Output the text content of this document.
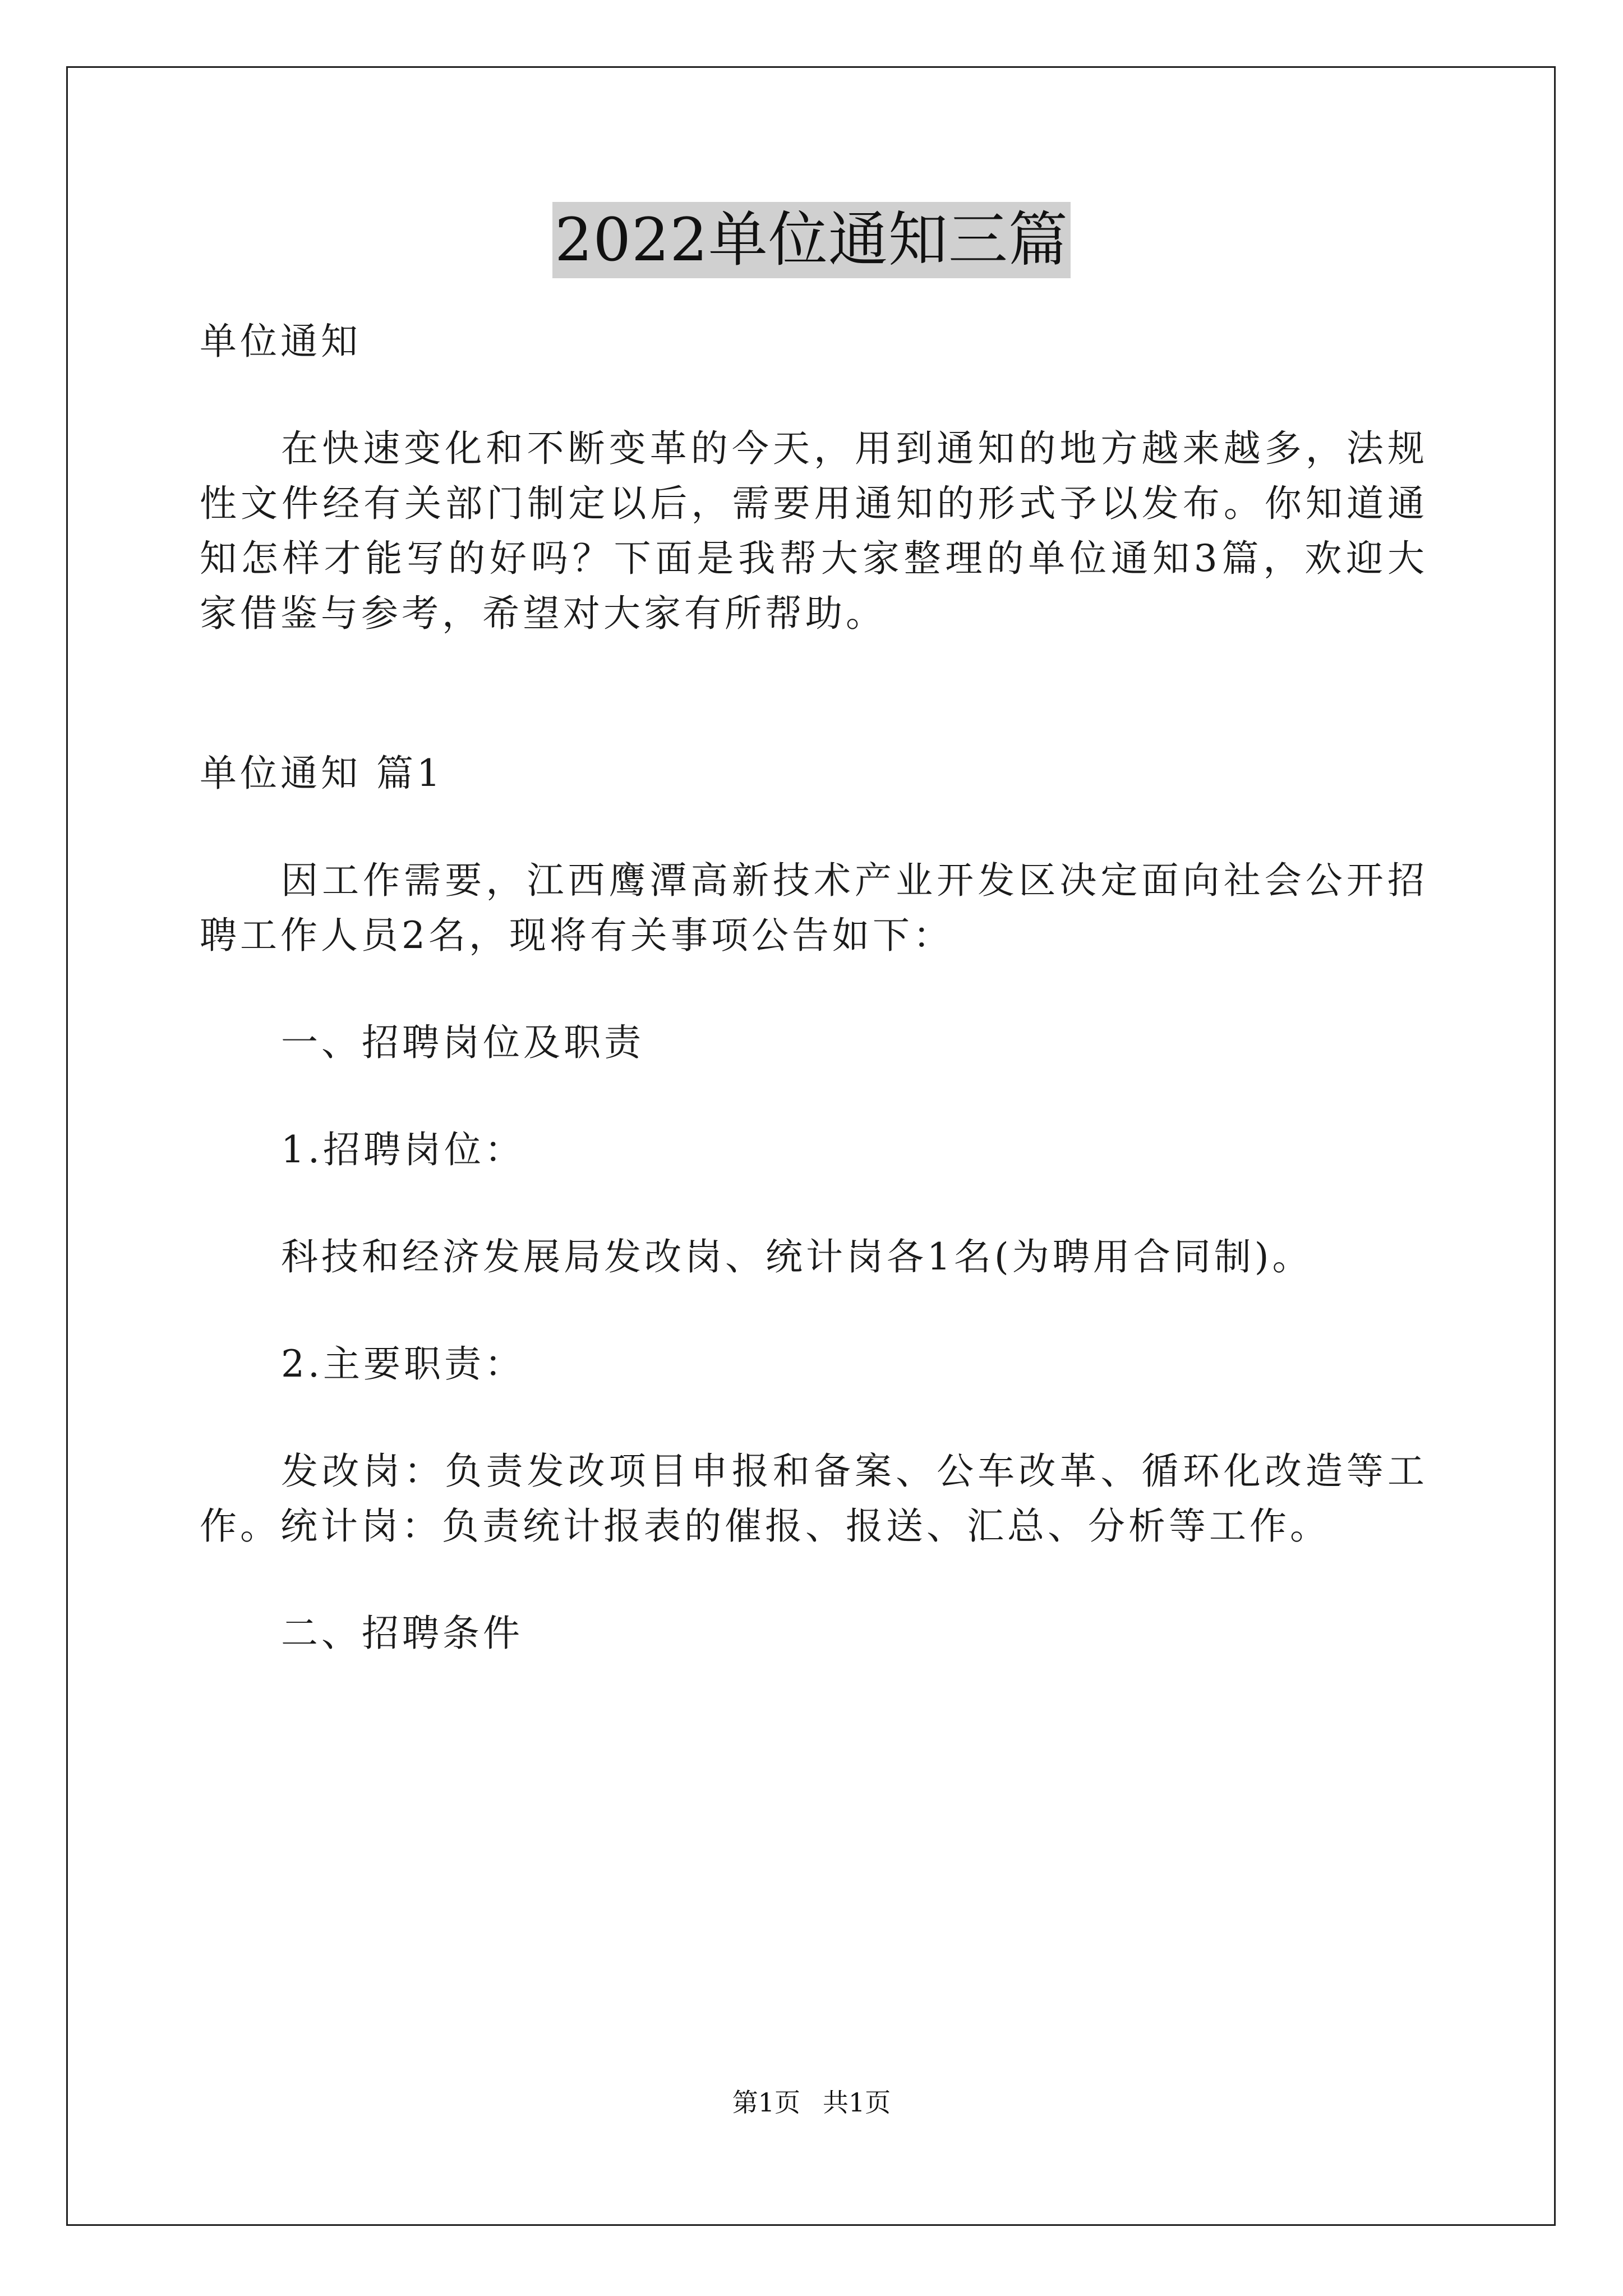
2022单位通知三篇

单位通知

在快速变化和不断变革的今天，用到通知的地方越来越多，法规性文件经有关部门制定以后，需要用通知的形式予以发布。你知道通知怎样才能写的好吗？下面是我帮大家整理的单位通知3篇，欢迎大家借鉴与参考，希望对大家有所帮助。

单位通知 篇1

因工作需要，江西鹰潭高新技术产业开发区决定面向社会公开招聘工作人员2名，现将有关事项公告如下：

一、招聘岗位及职责

1.招聘岗位：

科技和经济发展局发改岗、统计岗各1名(为聘用合同制)。

2.主要职责：

发改岗：负责发改项目申报和备案、公车改革、循环化改造等工作。统计岗：负责统计报表的催报、报送、汇总、分析等工作。

二、招聘条件

第1页 共1页
